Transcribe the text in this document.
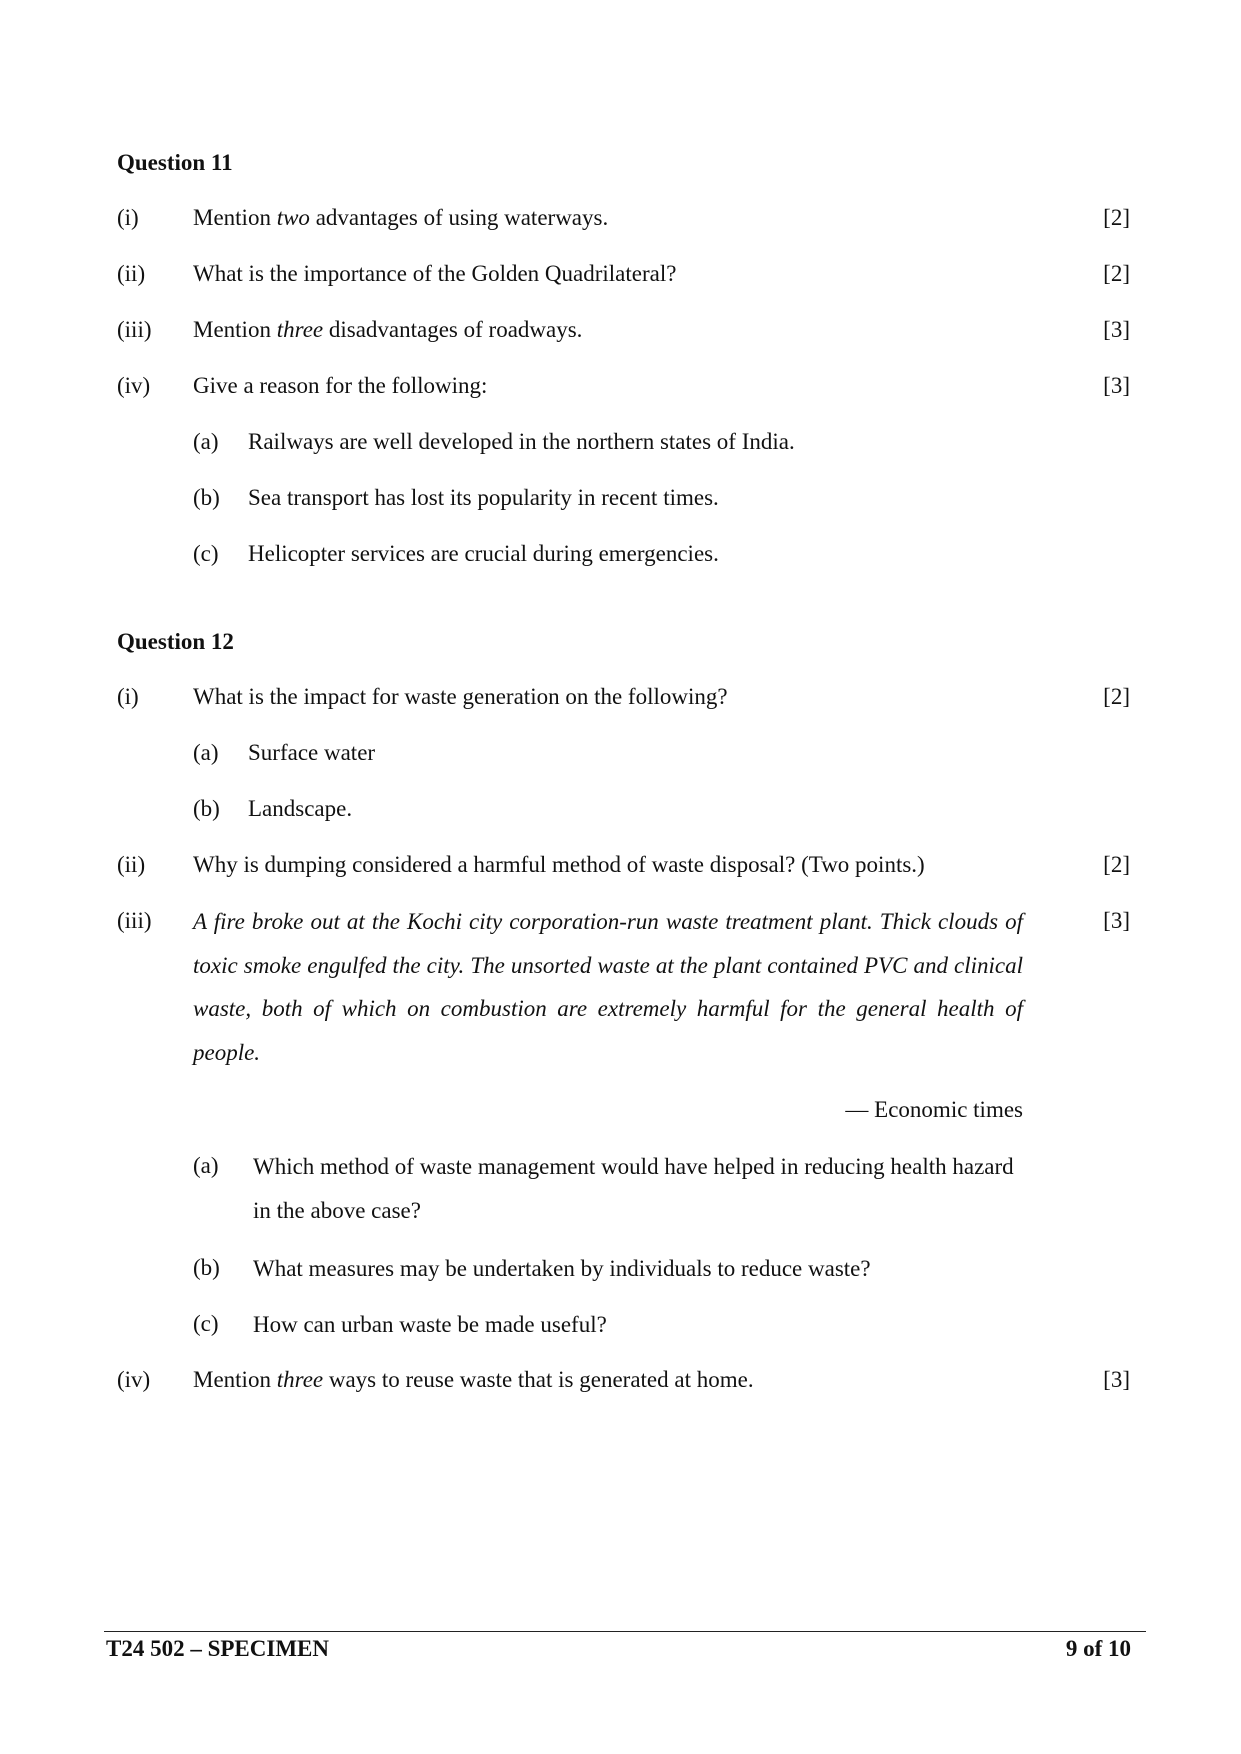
Question 11
(i) Mention two advantages of using waterways.	[2]
(ii) What is the importance of the Golden Quadrilateral?	[2]
(iii) Mention three disadvantages of roadways.	[3]
(iv) Give a reason for the following:	[3]
(a) Railways are well developed in the northern states of India.
(b) Sea transport has lost its popularity in recent times.
(c) Helicopter services are crucial during emergencies.
Question 12
(i) What is the impact for waste generation on the following?	[2]
(a) Surface water
(b) Landscape.
(ii) Why is dumping considered a harmful method of waste disposal? (Two points.)	[2]
(iii)	[3]
A fire broke out at the Kochi city corporation-run waste treatment plant. Thick clouds of toxic smoke engulfed the city. The unsorted waste at the plant contained PVC and clinical waste, both of which on combustion are extremely harmful for the general health of people.
— Economic times
(a) Which method of waste management would have helped in reducing health hazard in the above case?
(b) What measures may be undertaken by individuals to reduce waste?
(c) How can urban waste be made useful?
(iv) Mention three ways to reuse waste that is generated at home.	[3]
T24 502 – SPECIMEN	9 of 10
